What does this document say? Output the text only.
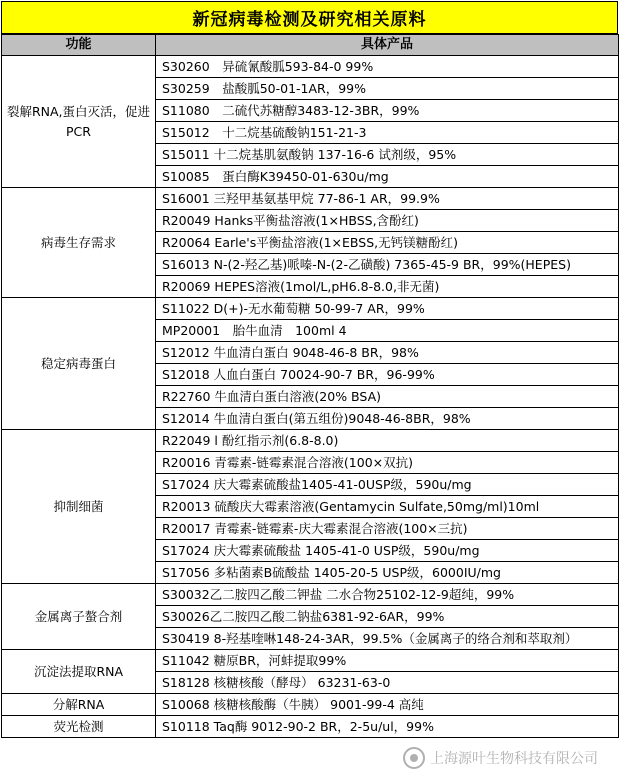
新冠病毒检测及研究相关原料
功能	具体产品
裂解RNA,蛋白灭活，促进PCR	S30260　异硫氰酸胍593-84-0 99%
	S30259　盐酸胍50-01-1AR，99%
	S11080　二硫代苏糖醇3483-12-3BR，99%
	S15012　十二烷基硫酸钠151-21-3
	S15011 十二烷基肌氨酸钠 137-16-6 试剂级，95%
	S10085　蛋白酶K39450-01-630u/mg
病毒生存需求	S16001 三羟甲基氨基甲烷 77-86-1 AR，99.9%
	R20049 Hanks平衡盐溶液(1×HBSS,含酚红)
	R20064 Earle's平衡盐溶液(1×EBSS,无钙镁糖酚红)
	S16013 N-(2-羟乙基)哌嗪-N-(2-乙磺酸) 7365-45-9 BR，99%(HEPES)
	R20069 HEPES溶液(1mol/L,pH6.8-8.0,非无菌)
稳定病毒蛋白	S11022 D(+)-无水葡萄糖 50-99-7 AR，99%
	MP20001　胎牛血清　100ml 4
	S12012 牛血清白蛋白 9048-46-8 BR，98%
	S12018 人血白蛋白 70024-90-7 BR，96-99%
	R22760 牛血清白蛋白溶液(20% BSA)
	S12014 牛血清白蛋白(第五组份)9048-46-8BR，98%
抑制细菌	R22049 l 酚红指示剂(6.8-8.0)
	R20016 青霉素-链霉素混合溶液(100×双抗)
	S17024 庆大霉素硫酸盐1405-41-0USP级，590u/mg
	R20013 硫酸庆大霉素溶液(Gentamycin Sulfate,50mg/ml)10ml
	R20017 青霉素-链霉素-庆大霉素混合溶液(100×三抗)
	S17024 庆大霉素硫酸盐 1405-41-0 USP级，590u/mg
	S17056 多粘菌素B硫酸盐 1405-20-5 USP级，6000IU/mg
金属离子螯合剂	S30032乙二胺四乙酸二钾盐 二水合物25102-12-9超纯，99%
	S30026乙二胺四乙酸二钠盐6381-92-6AR，99%
	S30419 8-羟基喹啉148-24-3AR，99.5%（金属离子的络合剂和萃取剂）
沉淀法提取RNA	S11042 糖原BR，河蚌提取99%
	S18128 核糖核酸（酵母） 63231-63-0
分解RNA	S10068 核糖核酸酶（牛胰） 9001-99-4 高纯
荧光检测	S10118 Taq酶 9012-90-2 BR，2-5u/ul，99%
上海源叶生物科技有限公司
